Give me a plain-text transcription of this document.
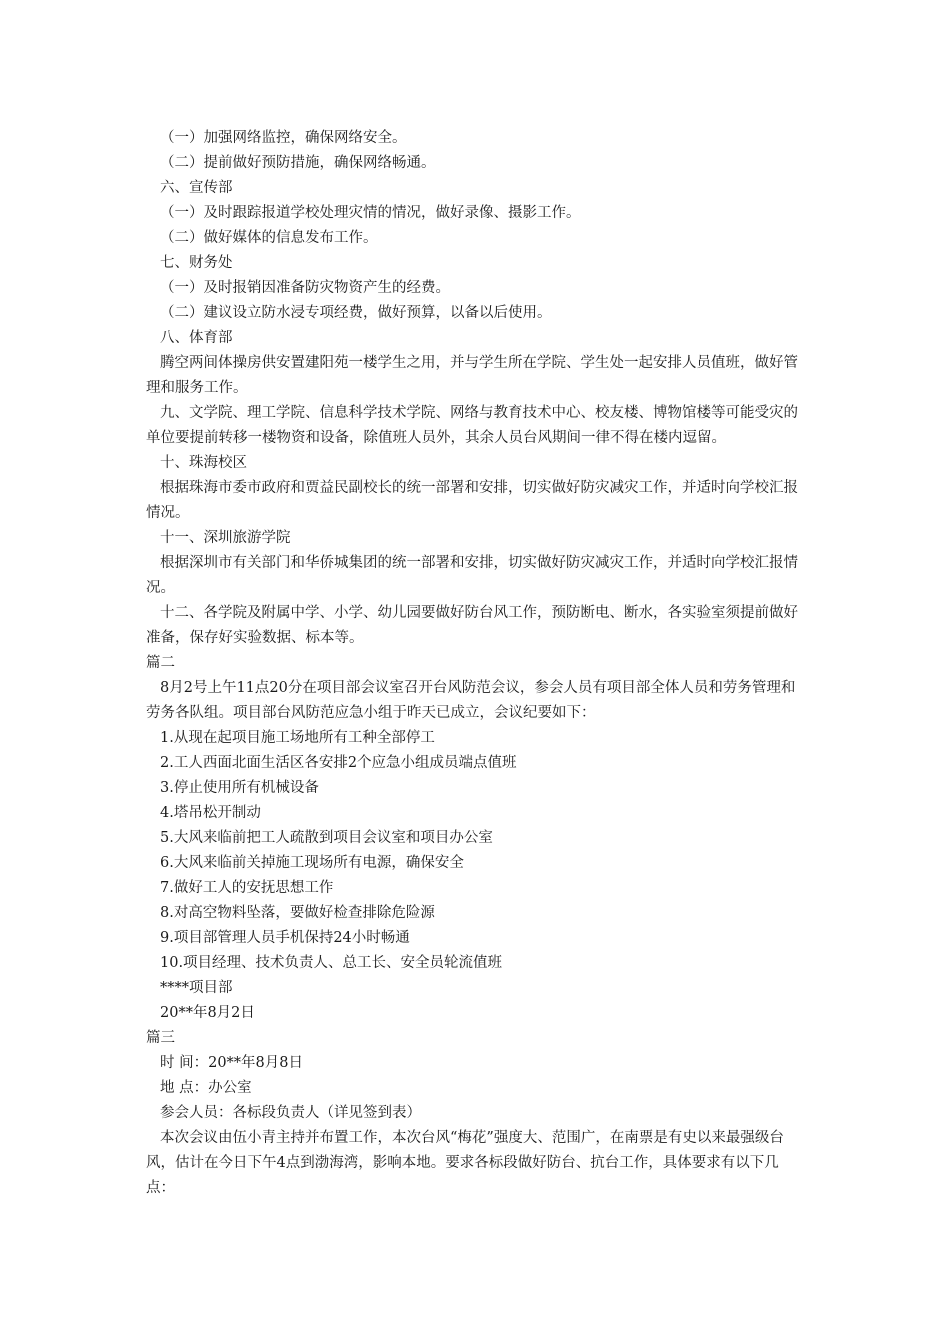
（一）加强网络监控，确保网络安全。
（二）提前做好预防措施，确保网络畅通。
六、宣传部
（一）及时跟踪报道学校处理灾情的情况，做好录像、摄影工作。
（二）做好媒体的信息发布工作。
七、财务处
（一）及时报销因准备防灾物资产生的经费。
（二）建议设立防水浸专项经费，做好预算，以备以后使用。
八、体育部
腾空两间体操房供安置建阳苑一楼学生之用，并与学生所在学院、学生处一起安排人员值班，做好管理和服务工作。
九、文学院、理工学院、信息科学技术学院、网络与教育技术中心、校友楼、博物馆楼等可能受灾的单位要提前转移一楼物资和设备，除值班人员外，其余人员台风期间一律不得在楼内逗留。
十、珠海校区
根据珠海市委市政府和贾益民副校长的统一部署和安排，切实做好防灾减灾工作，并适时向学校汇报情况。
十一、深圳旅游学院
根据深圳市有关部门和华侨城集团的统一部署和安排，切实做好防灾减灾工作，并适时向学校汇报情况。
十二、各学院及附属中学、小学、幼儿园要做好防台风工作，预防断电、断水，各实验室须提前做好准备，保存好实验数据、标本等。
篇二
8月2号上午11点20分在项目部会议室召开台风防范会议，参会人员有项目部全体人员和劳务管理和劳务各队组。项目部台风防范应急小组于昨天已成立，会议纪要如下：
1.从现在起项目施工场地所有工种全部停工
2.工人西面北面生活区各安排2个应急小组成员端点值班
3.停止使用所有机械设备
4.塔吊松开制动
5.大风来临前把工人疏散到项目会议室和项目办公室
6.大风来临前关掉施工现场所有电源，确保安全
7.做好工人的安抚思想工作
8.对高空物料坠落，要做好检查排除危险源
9.项目部管理人员手机保持24小时畅通
10.项目经理、技术负责人、总工长、安全员轮流值班
****项目部
20**年8月2日
篇三
时 间：20**年8月8日
地 点：办公室
参会人员：各标段负责人（详见签到表）
本次会议由伍小青主持并布置工作，本次台风“梅花”强度大、范围广，在南票是有史以来最强级台风，估计在今日下午4点到渤海湾，影响本地。要求各标段做好防台、抗台工作，具体要求有以下几点：
